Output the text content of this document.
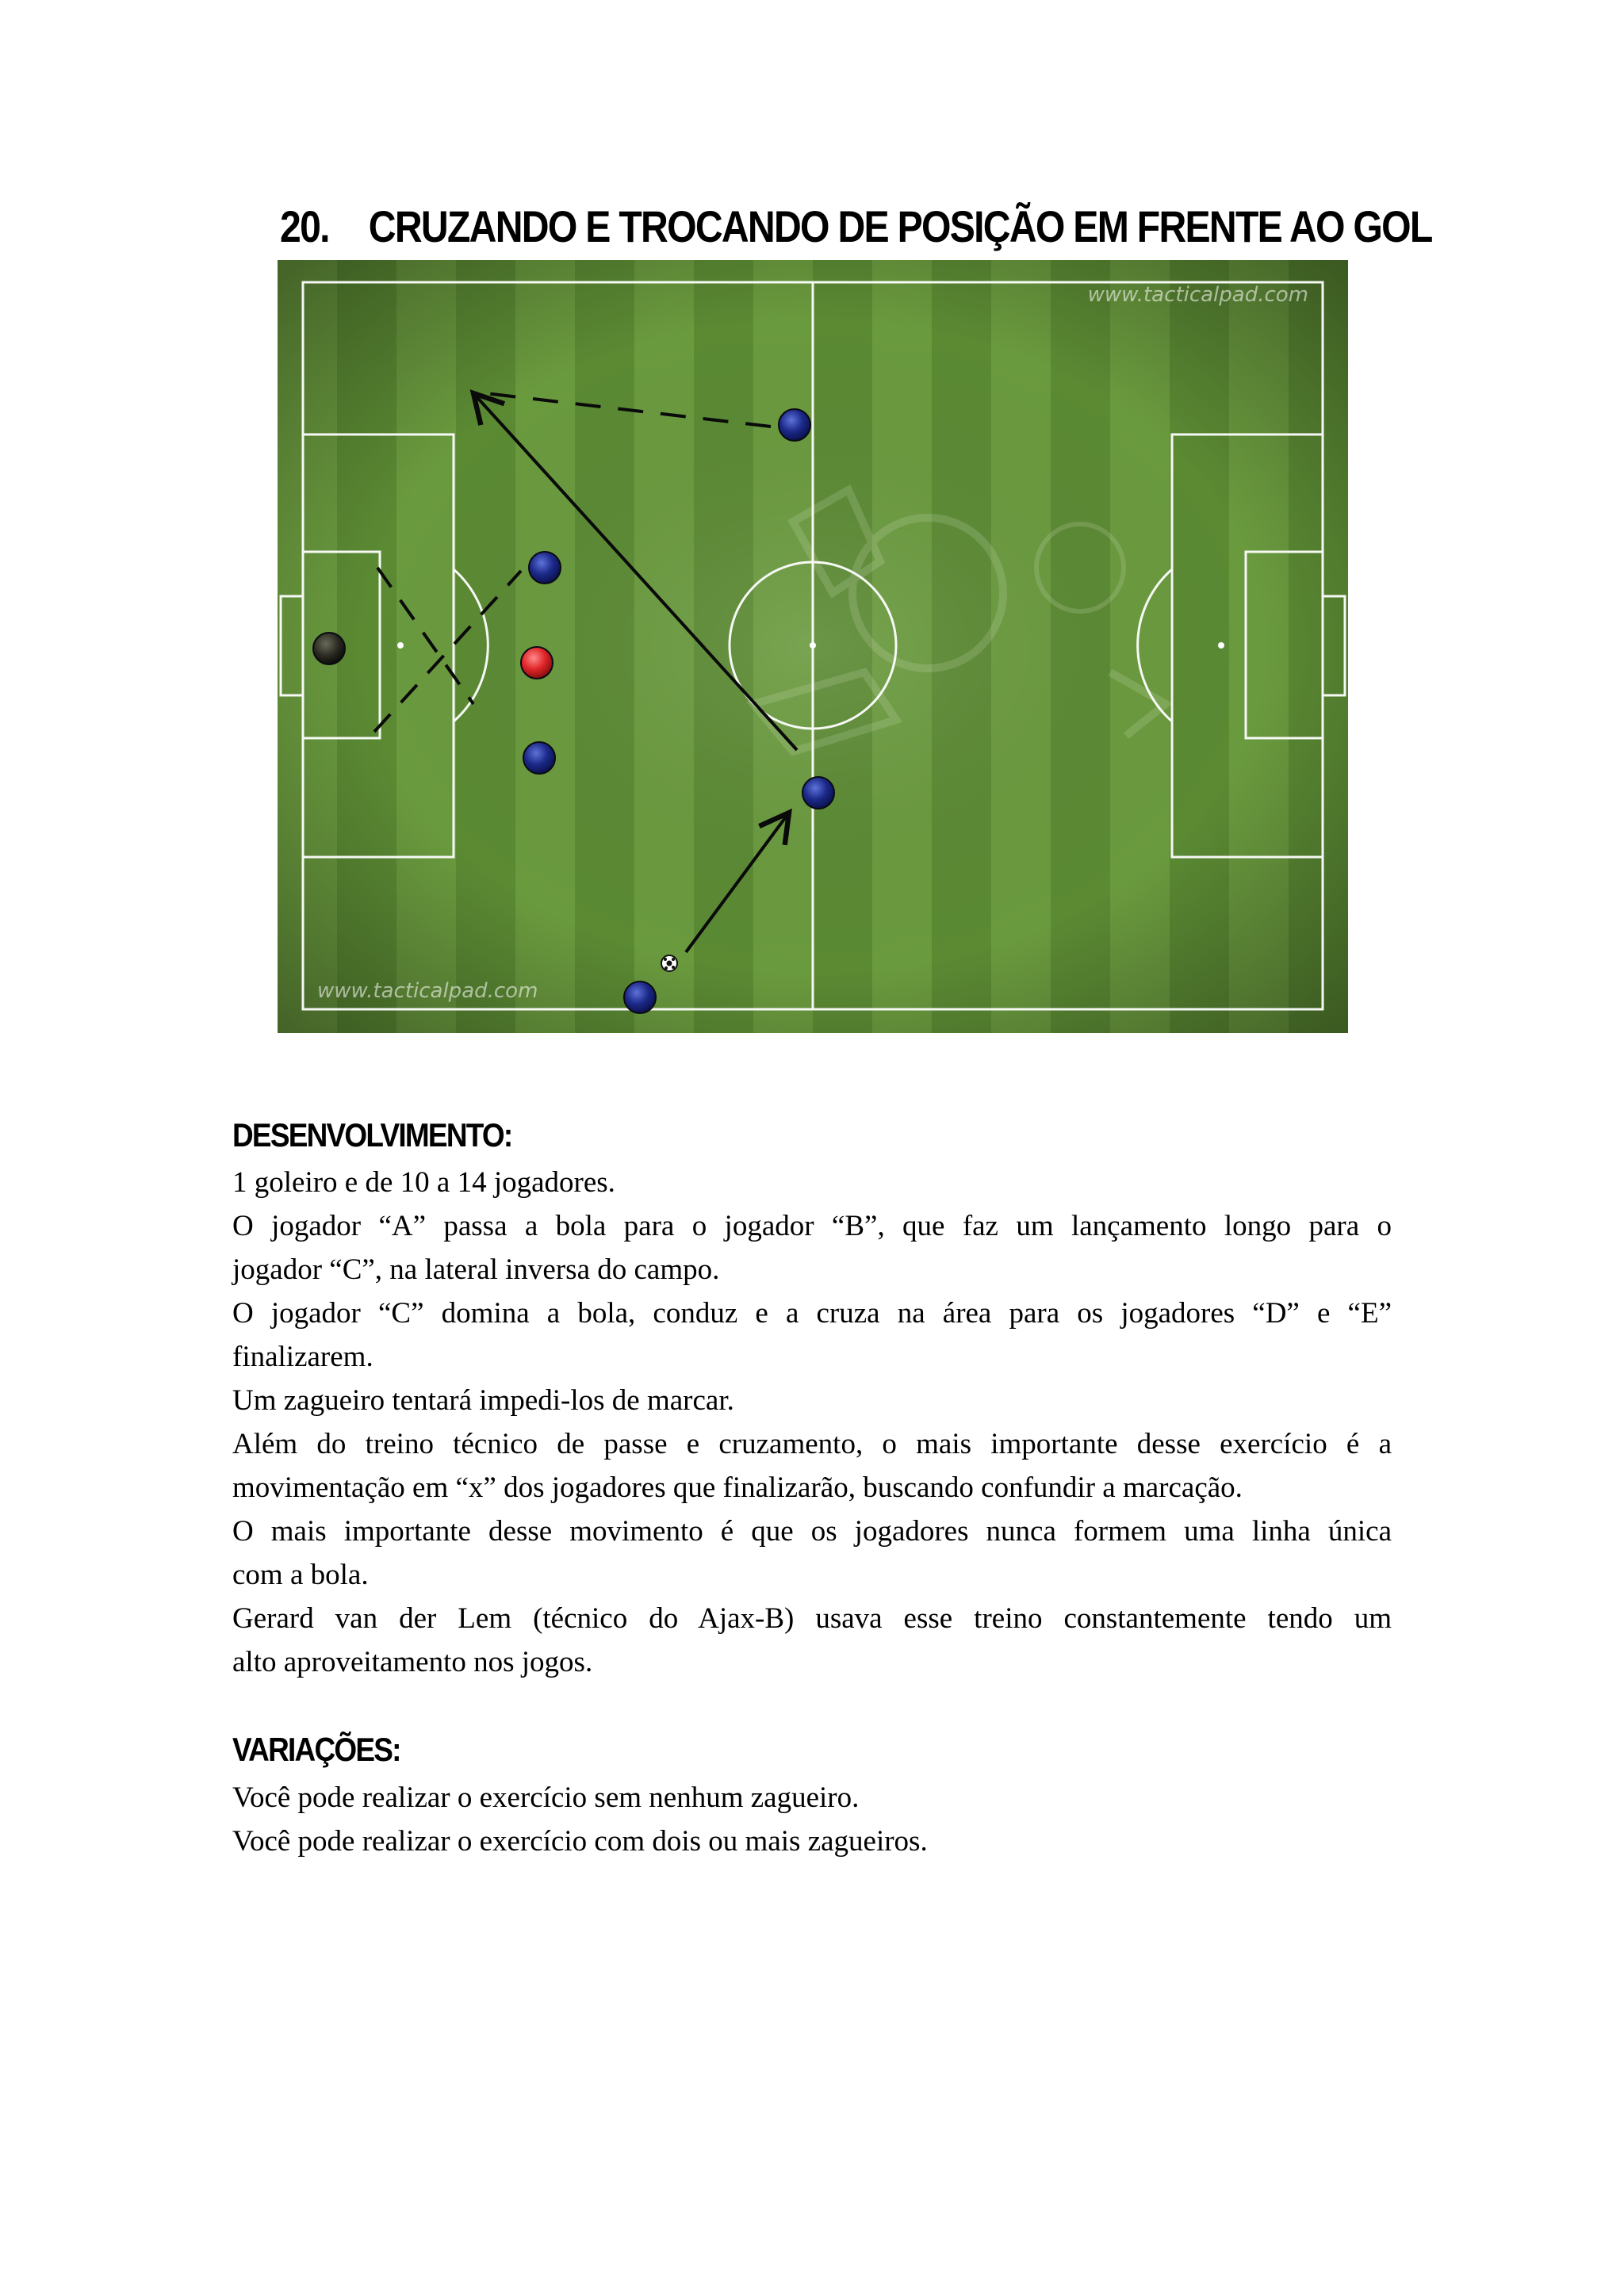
20. CRUZANDO E TROCANDO DE POSIÇÃO EM FRENTE AO GOL
www.tacticalpad.com
www.tacticalpad.com
DESENVOLVIMENTO:
1 goleiro e de 10 a 14 jogadores.
O jogador “A” passa a bola para o jogador “B”, que faz um lançamento longo para o
jogador “C”, na lateral inversa do campo.
O jogador “C” domina a bola, conduz e a cruza na área para os jogadores “D” e “E”
finalizarem.
Um zagueiro tentará impedi-los de marcar.
Além do treino técnico de passe e cruzamento, o mais importante desse exercício é a
movimentação em “x” dos jogadores que finalizarão, buscando confundir a marcação.
O mais importante desse movimento é que os jogadores nunca formem uma linha única
com a bola.
Gerard van der Lem (técnico do Ajax-B) usava esse treino constantemente tendo um
alto aproveitamento nos jogos.
VARIAÇÕES:
Você pode realizar o exercício sem nenhum zagueiro.
Você pode realizar o exercício com dois ou mais zagueiros.
